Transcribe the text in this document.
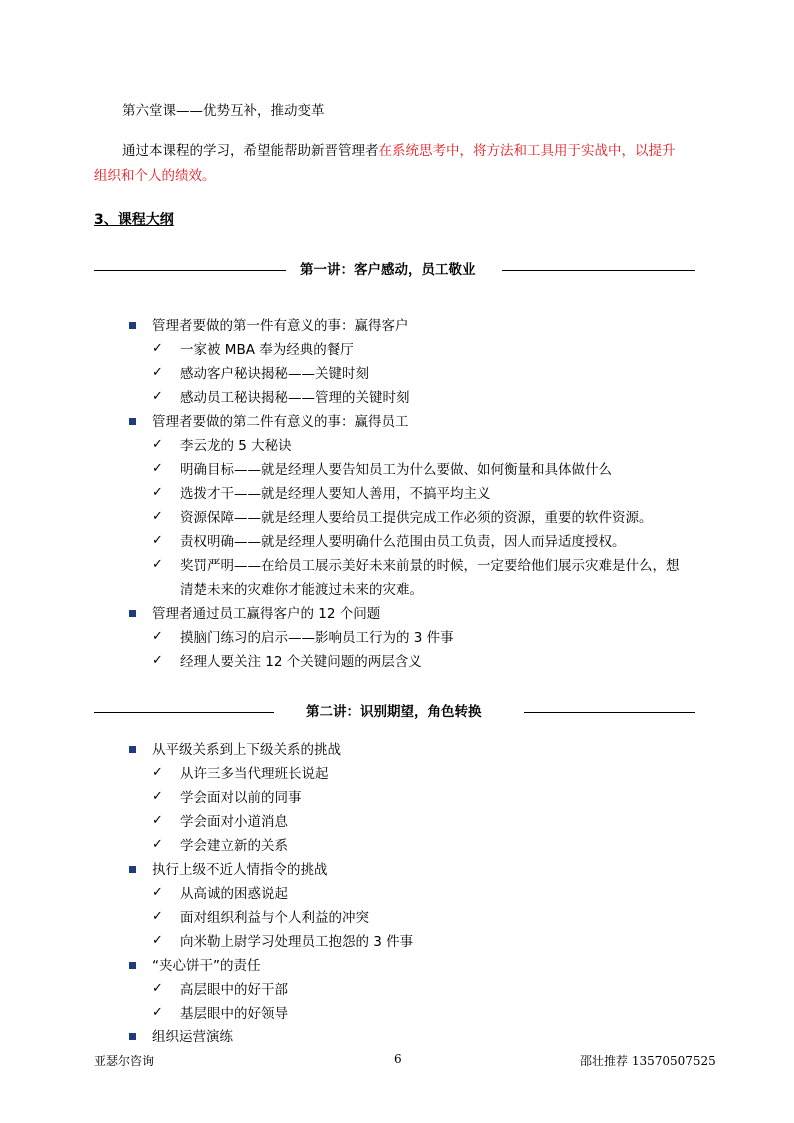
第六堂课——优势互补，推动变革
通过本课程的学习，希望能帮助新晋管理者在系统思考中，将方法和工具用于实战中，以提升
组织和个人的绩效。
3、课程大纲
第一讲：客户感动，员工敬业
管理者要做的第一件有意义的事：赢得客户
✓ 一家被 MBA 奉为经典的餐厅
✓ 感动客户秘诀揭秘——关键时刻
✓ 感动员工秘诀揭秘——管理的关键时刻
管理者要做的第二件有意义的事：赢得员工
✓ 李云龙的 5 大秘诀
✓ 明确目标——就是经理人要告知员工为什么要做、如何衡量和具体做什么
✓ 选拨才干——就是经理人要知人善用，不搞平均主义
✓ 资源保障——就是经理人要给员工提供完成工作必须的资源，重要的软件资源。
✓ 责权明确——就是经理人要明确什么范围由员工负责，因人而异适度授权。
✓ 奖罚严明——在给员工展示美好未来前景的时候，一定要给他们展示灾难是什么，想
清楚未来的灾难你才能渡过未来的灾难。
管理者通过员工赢得客户的 12 个问题
✓ 摸脑门练习的启示——影响员工行为的 3 件事
✓ 经理人要关注 12 个关键问题的两层含义
第二讲：识别期望，角色转换
从平级关系到上下级关系的挑战
✓ 从许三多当代理班长说起
✓ 学会面对以前的同事
✓ 学会面对小道消息
✓ 学会建立新的关系
执行上级不近人情指令的挑战
✓ 从高诚的困惑说起
✓ 面对组织利益与个人利益的冲突
✓ 向米勒上尉学习处理员工抱怨的 3 件事
“夹心饼干”的责任
✓ 高层眼中的好干部
✓ 基层眼中的好领导
组织运营演练
亚瑟尔咨询	6	邵壮推荐 13570507525
